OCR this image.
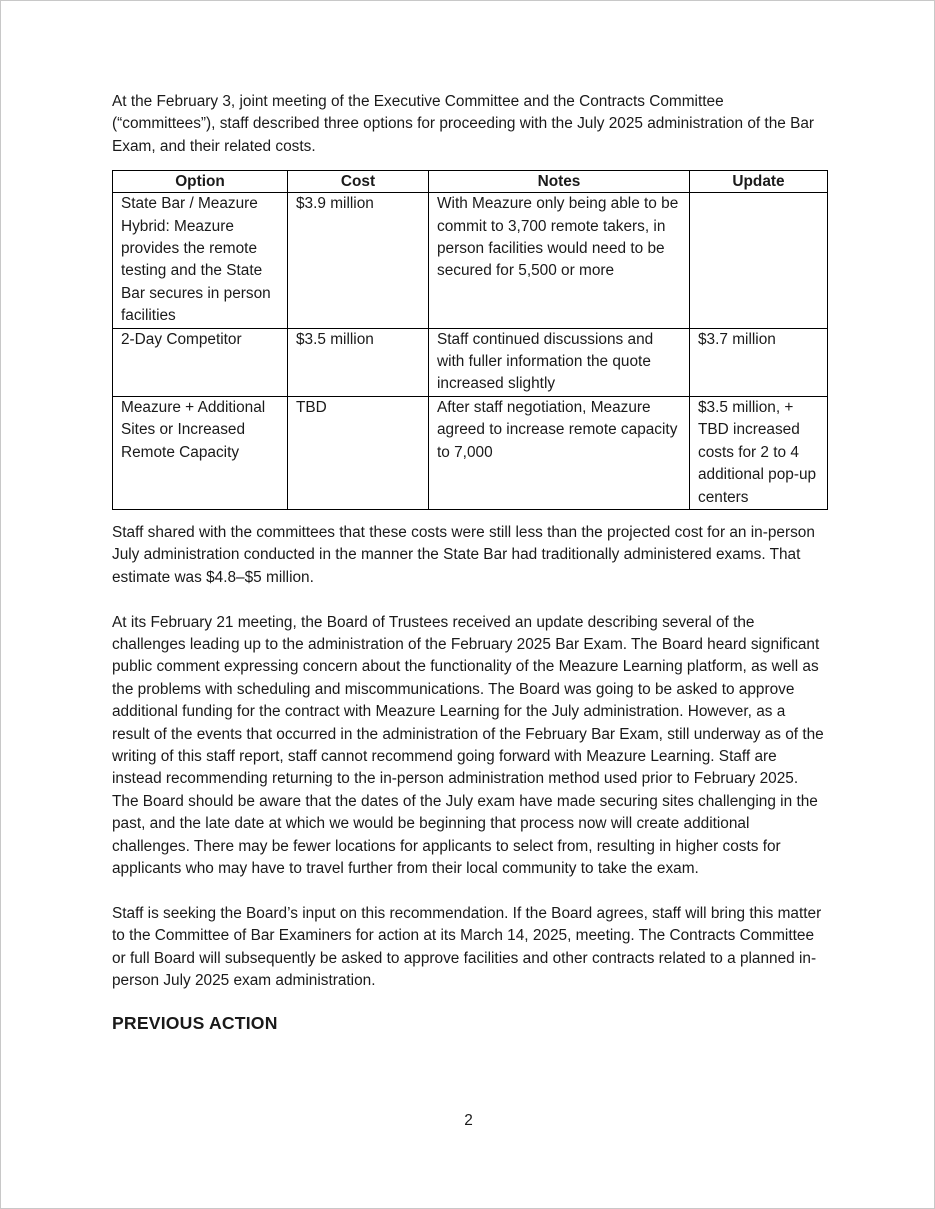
At the February 3, joint meeting of the Executive Committee and the Contracts Committee (“committees”), staff described three options for proceeding with the July 2025 administration of the Bar Exam, and their related costs.

Option	Cost	Notes	Update
State Bar / Meazure Hybrid: Meazure provides the remote testing and the State Bar secures in person facilities	$3.9 million	With Meazure only being able to be commit to 3,700 remote takers, in person facilities would need to be secured for 5,500 or more	
2-Day Competitor	$3.5 million	Staff continued discussions and with fuller information the quote increased slightly	$3.7 million
Meazure + Additional Sites or Increased Remote Capacity	TBD	After staff negotiation, Meazure agreed to increase remote capacity to 7,000	$3.5 million, + TBD increased costs for 2 to 4 additional pop-up centers

Staff shared with the committees that these costs were still less than the projected cost for an in-person July administration conducted in the manner the State Bar had traditionally administered exams. That estimate was $4.8–$5 million.

At its February 21 meeting, the Board of Trustees received an update describing several of the challenges leading up to the administration of the February 2025 Bar Exam. The Board heard significant public comment expressing concern about the functionality of the Meazure Learning platform, as well as the problems with scheduling and miscommunications. The Board was going to be asked to approve additional funding for the contract with Meazure Learning for the July administration. However, as a result of the events that occurred in the administration of the February Bar Exam, still underway as of the writing of this staff report, staff cannot recommend going forward with Meazure Learning. Staff are instead recommending returning to the in-person administration method used prior to February 2025. The Board should be aware that the dates of the July exam have made securing sites challenging in the past, and the late date at which we would be beginning that process now will create additional challenges. There may be fewer locations for applicants to select from, resulting in higher costs for applicants who may have to travel further from their local community to take the exam.

Staff is seeking the Board’s input on this recommendation. If the Board agrees, staff will bring this matter to the Committee of Bar Examiners for action at its March 14, 2025, meeting. The Contracts Committee or full Board will subsequently be asked to approve facilities and other contracts related to a planned in-person July 2025 exam administration.

PREVIOUS ACTION
2
